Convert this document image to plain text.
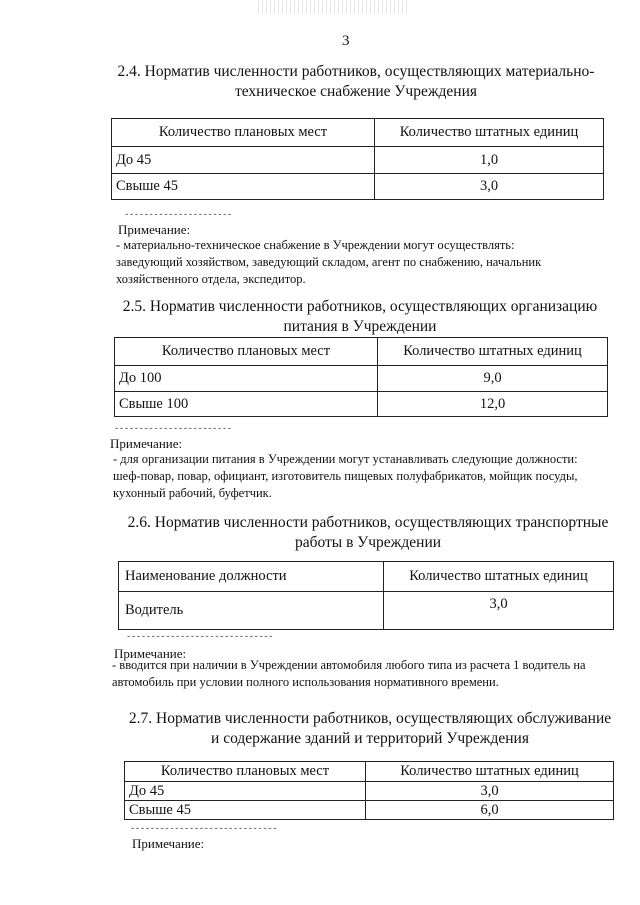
3
2.4. Норматив численности работников, осуществляющих материально-
техническое снабжение Учреждения
Количество плановых мест	Количество штатных единиц
До 45	1,0
Свыше 45	3,0
----------------------
Примечание:
- материально-техническое снабжение в Учреждении могут осуществлять:
заведующий хозяйством, заведующий складом, агент по снабжению, начальник
хозяйственного отдела, экспедитор.
2.5. Норматив численности работников, осуществляющих организацию
питания в Учреждении
Количество плановых мест	Количество штатных единиц
До 100	9,0
Свыше 100	12,0
------------------------
Примечание:
- для организации питания в Учреждении могут устанавливать следующие должности:
шеф-повар, повар, официант, изготовитель пищевых полуфабрикатов, мойщик посуды,
кухонный рабочий, буфетчик.
2.6. Норматив численности работников, осуществляющих транспортные
работы в Учреждении
Наименование должности	Количество штатных единиц
Водитель	3,0
------------------------------
Примечание:
- вводится при наличии в Учреждении автомобиля любого типа из расчета 1 водитель на
автомобиль при условии полного использования нормативного времени.
2.7. Норматив численности работников, осуществляющих обслуживание
и содержание зданий и территорий Учреждения
Количество плановых мест	Количество штатных единиц
До 45	3,0
Свыше 45	6,0
------------------------------
Примечание:
